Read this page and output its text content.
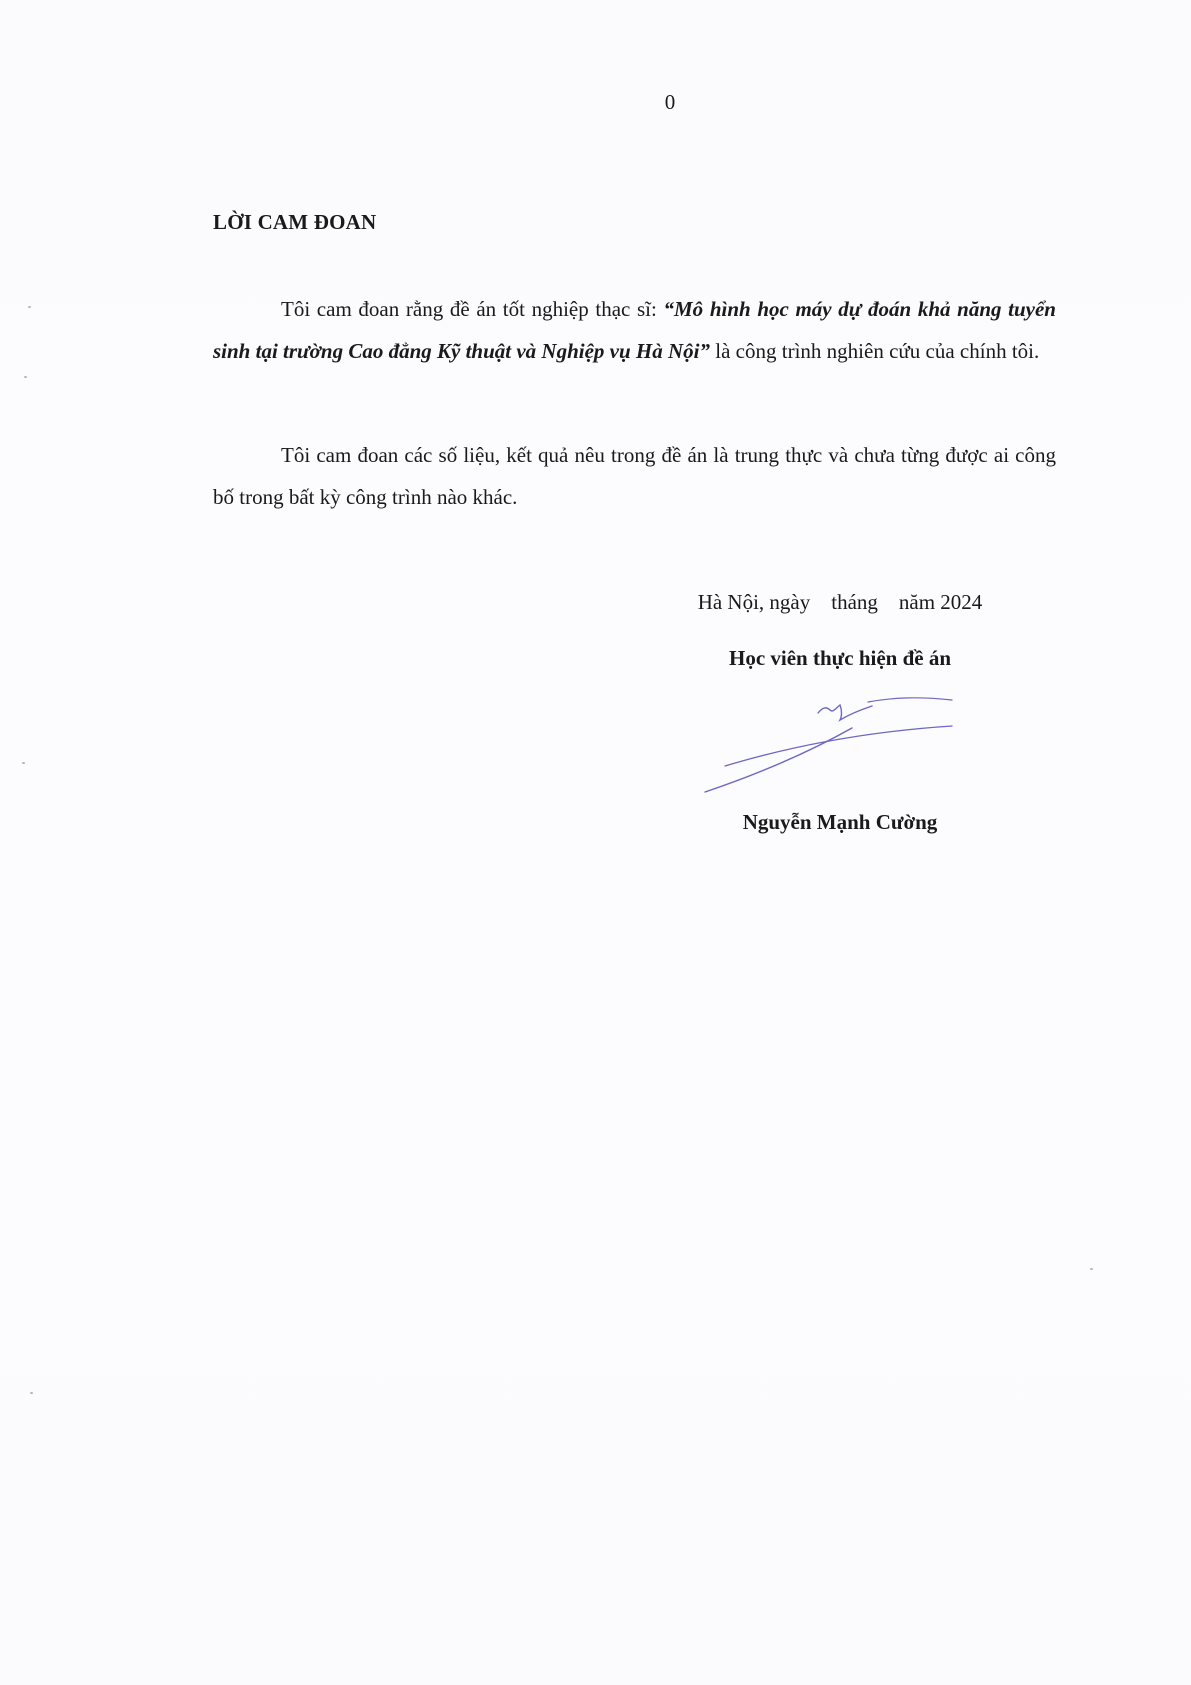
0
LỜI CAM ĐOAN

Tôi cam đoan rằng đề án tốt nghiệp thạc sĩ: “Mô hình học máy dự đoán khả năng tuyển sinh tại trường Cao đẳng Kỹ thuật và Nghiệp vụ Hà Nội” là công trình nghiên cứu của chính tôi.

Tôi cam đoan các số liệu, kết quả nêu trong đề án là trung thực và chưa từng được ai công bố trong bất kỳ công trình nào khác.

Hà Nội, ngày    tháng    năm 2024
Học viên thực hiện đề án
Nguyễn Mạnh Cường
